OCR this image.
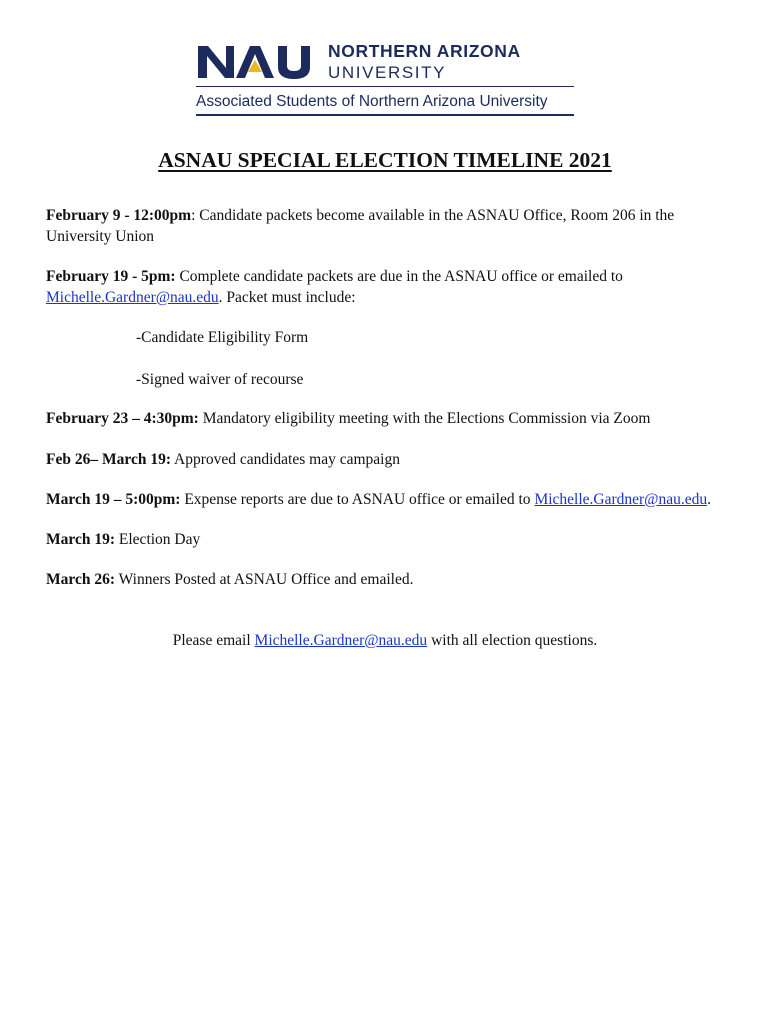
NORTHERN ARIZONA
UNIVERSITY
Associated Students of Northern Arizona University
ASNAU SPECIAL ELECTION TIMELINE 2021

February 9 - 12:00pm: Candidate packets become available in the ASNAU Office, Room 206 in the University Union

February 19 - 5pm: Complete candidate packets are due in the ASNAU office or emailed to Michelle.Gardner@nau.edu. Packet must include:

-Candidate Eligibility Form

-Signed waiver of recourse

February 23 – 4:30pm: Mandatory eligibility meeting with the Elections Commission via Zoom

Feb 26– March 19: Approved candidates may campaign

March 19 – 5:00pm: Expense reports are due to ASNAU office or emailed to Michelle.Gardner@nau.edu.

March 19: Election Day

March 26: Winners Posted at ASNAU Office and emailed.

Please email Michelle.Gardner@nau.edu with all election questions.
